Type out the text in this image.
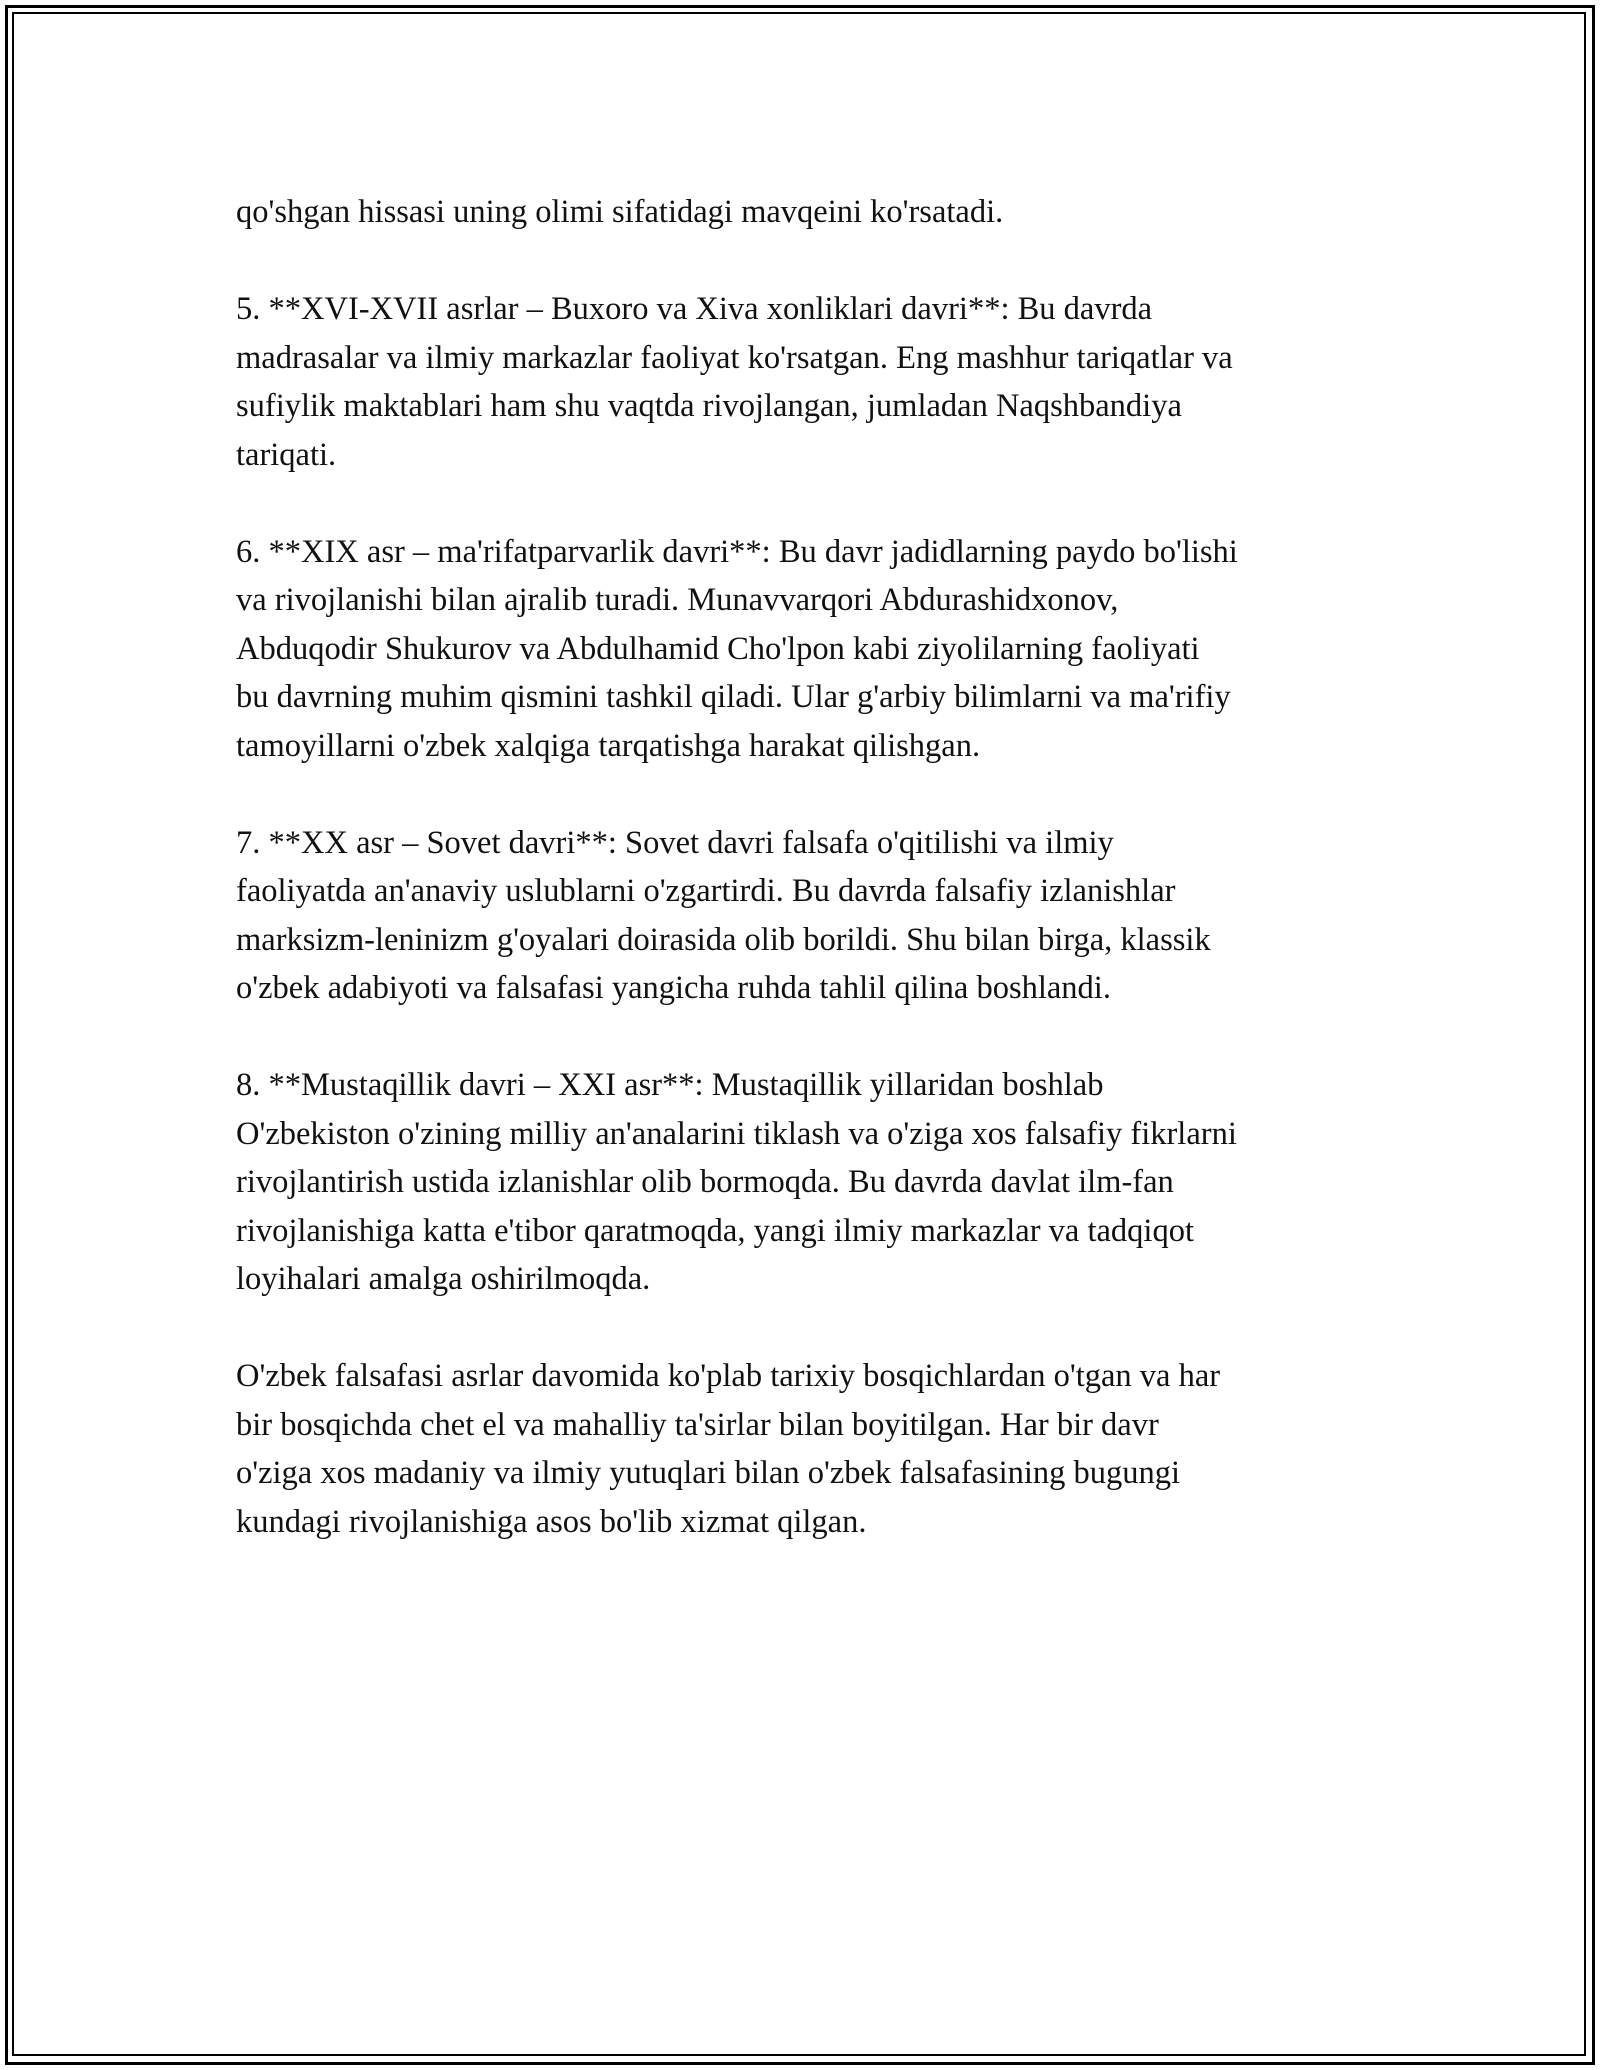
qo'shgan hissasi uning olimi sifatidagi mavqeini ko'rsatadi.
5. **XVI-XVII asrlar – Buxoro va Xiva xonliklari davri**: Bu davrda
madrasalar va ilmiy markazlar faoliyat ko'rsatgan. Eng mashhur tariqatlar va
sufiylik maktablari ham shu vaqtda rivojlangan, jumladan Naqshbandiya
tariqati.
6. **XIX asr – ma'rifatparvarlik davri**: Bu davr jadidlarning paydo bo'lishi
va rivojlanishi bilan ajralib turadi. Munavvarqori Abdurashidxonov,
Abduqodir Shukurov va Abdulhamid Cho'lpon kabi ziyolilarning faoliyati
bu davrning muhim qismini tashkil qiladi. Ular g'arbiy bilimlarni va ma'rifiy
tamoyillarni o'zbek xalqiga tarqatishga harakat qilishgan.
7. **XX asr – Sovet davri**: Sovet davri falsafa o'qitilishi va ilmiy
faoliyatda an'anaviy uslublarni o'zgartirdi. Bu davrda falsafiy izlanishlar
marksizm-leninizm g'oyalari doirasida olib borildi. Shu bilan birga, klassik
o'zbek adabiyoti va falsafasi yangicha ruhda tahlil qilina boshlandi.
8. **Mustaqillik davri – XXI asr**: Mustaqillik yillaridan boshlab
O'zbekiston o'zining milliy an'analarini tiklash va o'ziga xos falsafiy fikrlarni
rivojlantirish ustida izlanishlar olib bormoqda. Bu davrda davlat ilm-fan
rivojlanishiga katta e'tibor qaratmoqda, yangi ilmiy markazlar va tadqiqot
loyihalari amalga oshirilmoqda.
O'zbek falsafasi asrlar davomida ko'plab tarixiy bosqichlardan o'tgan va har
bir bosqichda chet el va mahalliy ta'sirlar bilan boyitilgan. Har bir davr
o'ziga xos madaniy va ilmiy yutuqlari bilan o'zbek falsafasining bugungi
kundagi rivojlanishiga asos bo'lib xizmat qilgan.
